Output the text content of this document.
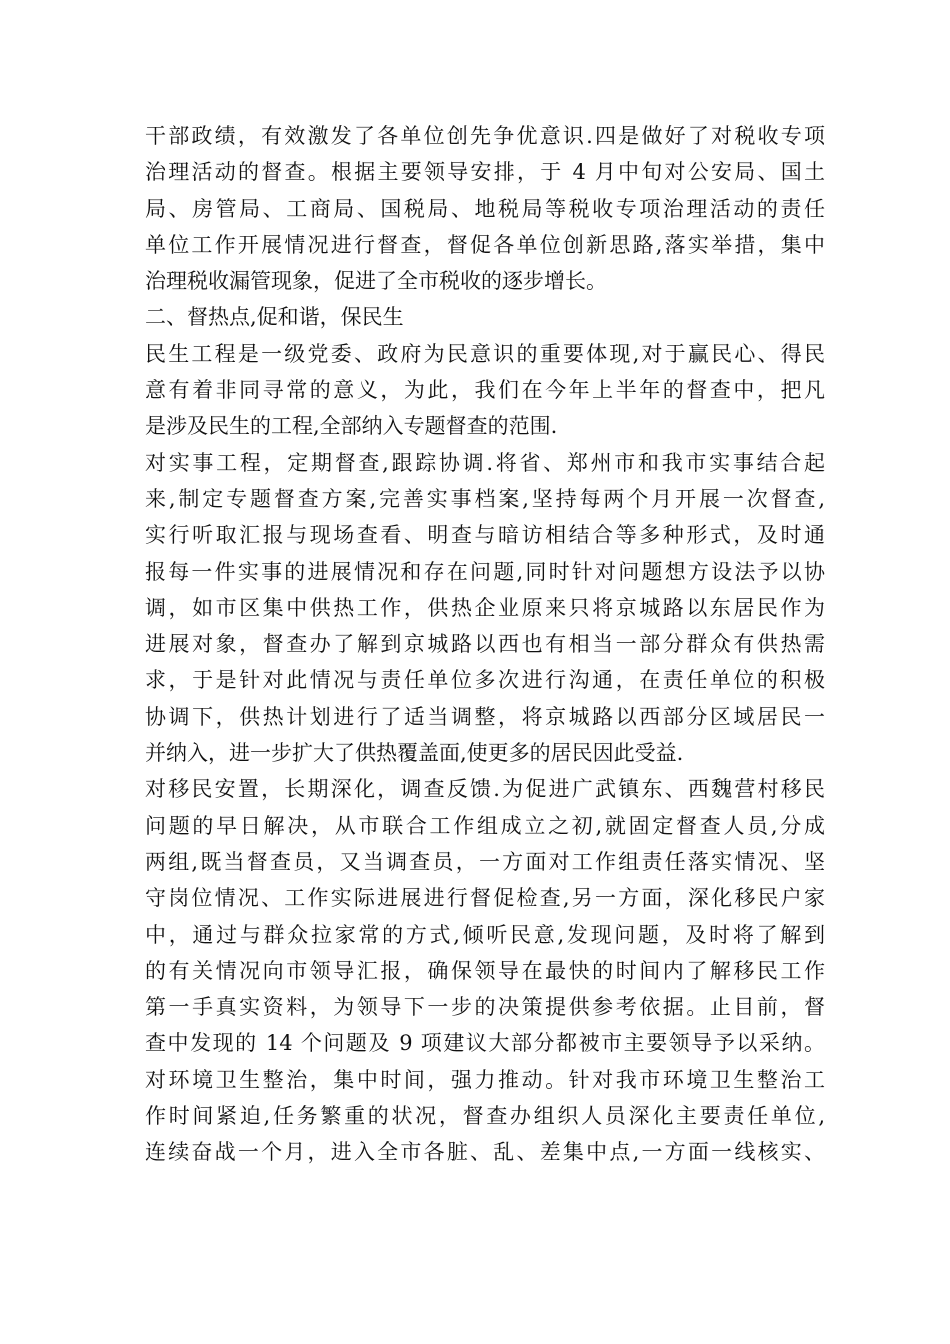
干部政绩，有效激发了各单位创先争优意识.四是做好了对税收专项
治理活动的督查。根据主要领导安排，于 4 月中旬对公安局、国土
局、房管局、工商局、国税局、地税局等税收专项治理活动的责任
单位工作开展情况进行督查，督促各单位创新思路,落实举措，集中
治理税收漏管现象，促进了全市税收的逐步增长。
二、督热点,促和谐，保民生
民生工程是一级党委、政府为民意识的重要体现,对于赢民心、得民
意有着非同寻常的意义，为此，我们在今年上半年的督查中，把凡
是涉及民生的工程,全部纳入专题督查的范围.
对实事工程，定期督查,跟踪协调.将省、郑州市和我市实事结合起
来,制定专题督查方案,完善实事档案,坚持每两个月开展一次督查,
实行听取汇报与现场查看、明查与暗访相结合等多种形式，及时通
报每一件实事的进展情况和存在问题,同时针对问题想方设法予以协
调，如市区集中供热工作，供热企业原来只将京城路以东居民作为
进展对象，督查办了解到京城路以西也有相当一部分群众有供热需
求，于是针对此情况与责任单位多次进行沟通，在责任单位的积极
协调下，供热计划进行了适当调整，将京城路以西部分区域居民一
并纳入，进一步扩大了供热覆盖面,使更多的居民因此受益.
对移民安置，长期深化，调查反馈.为促进广武镇东、西魏营村移民
问题的早日解决，从市联合工作组成立之初,就固定督查人员,分成
两组,既当督查员，又当调查员，一方面对工作组责任落实情况、坚
守岗位情况、工作实际进展进行督促检查,另一方面，深化移民户家
中，通过与群众拉家常的方式,倾听民意,发现问题，及时将了解到
的有关情况向市领导汇报，确保领导在最快的时间内了解移民工作
第一手真实资料，为领导下一步的决策提供参考依据。止目前，督
查中发现的 14 个问题及 9 项建议大部分都被市主要领导予以采纳。
对环境卫生整治，集中时间，强力推动。针对我市环境卫生整治工
作时间紧迫,任务繁重的状况，督查办组织人员深化主要责任单位,
连续奋战一个月，进入全市各脏、乱、差集中点,一方面一线核实、
